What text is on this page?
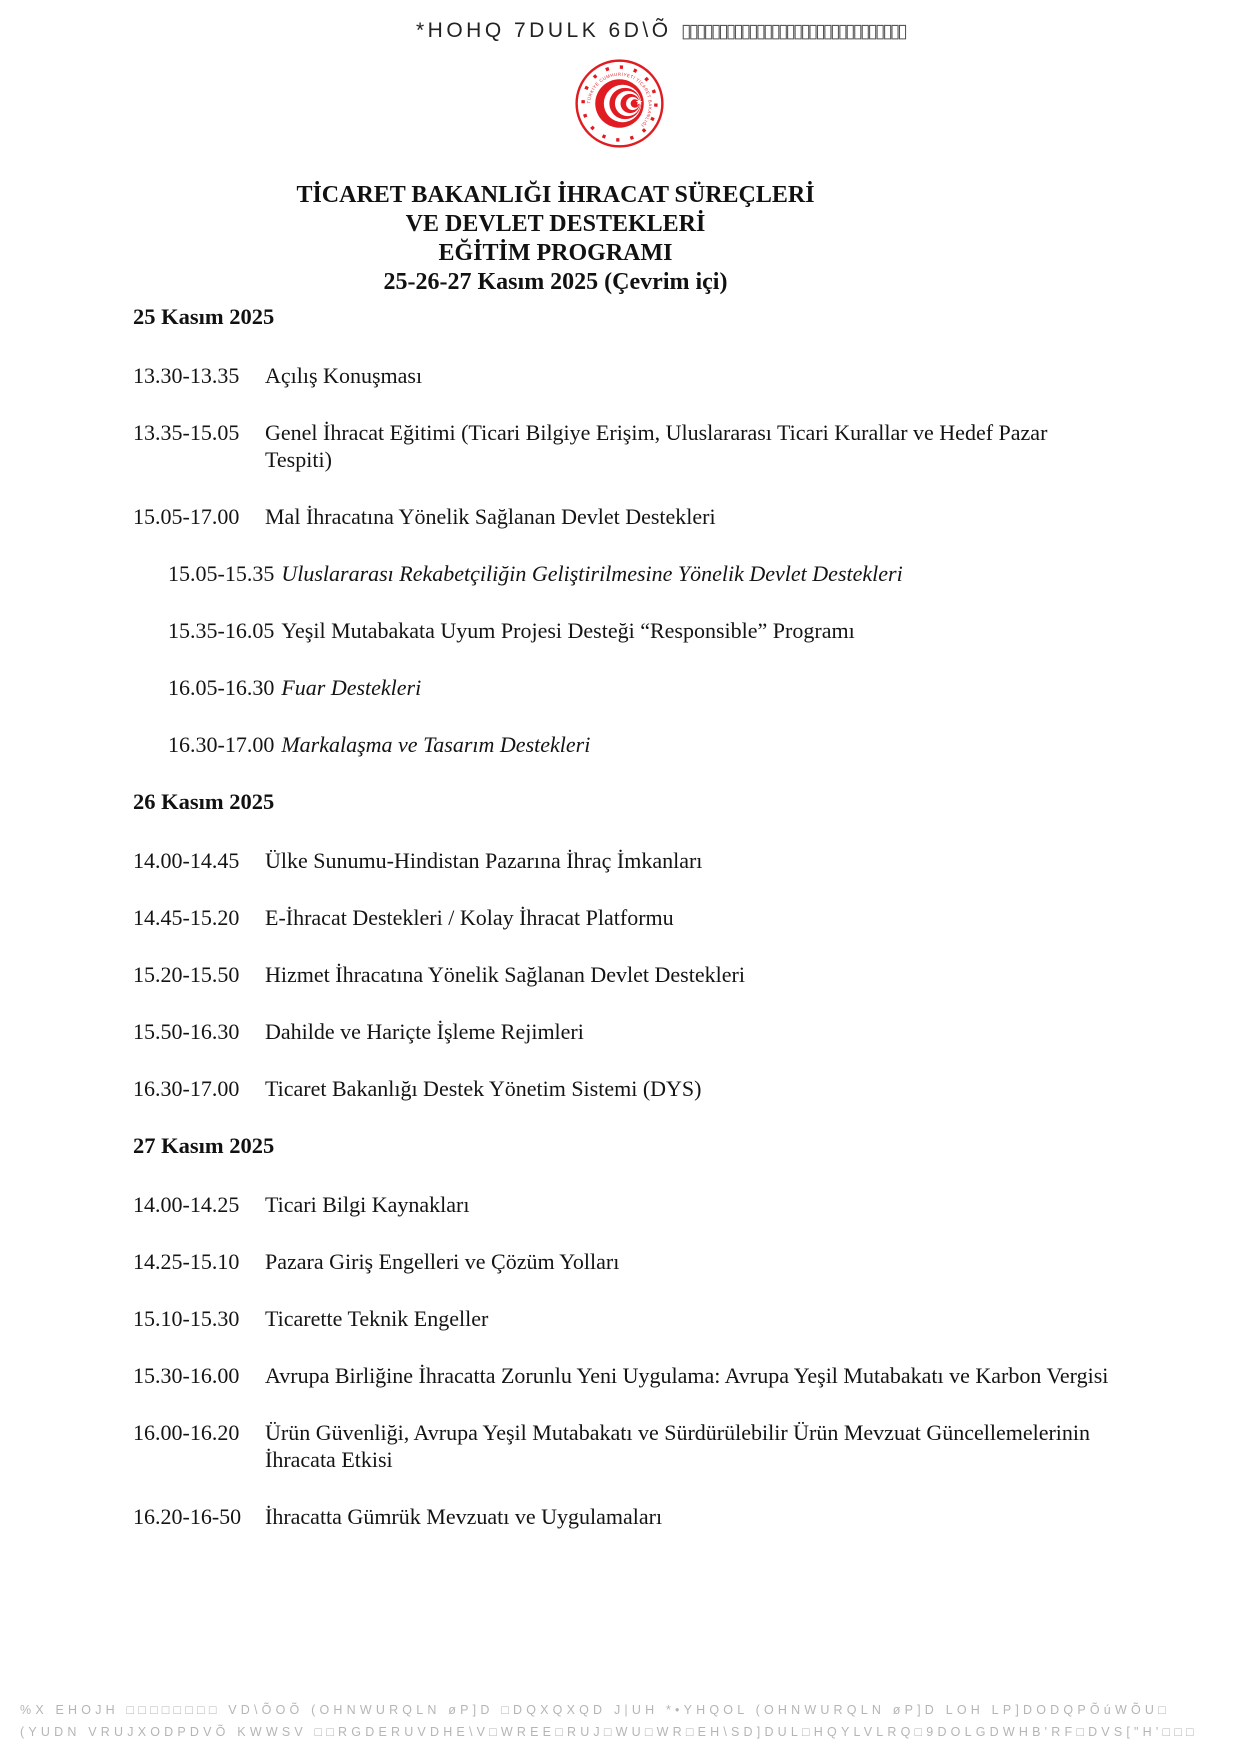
*HOHQ 7DULK 6D\Õ ▯▯▯▯▯▯▯▯▯▯▯▯▯▯▯▯▯▯▯▯▯▯▯▯▯▯▯▯▯▯
TÜRKİYE CUMHURİYETİ TİCARET BAKANLIĞI
TİCARET BAKANLIĞI İHRACAT SÜREÇLERİ
VE DEVLET DESTEKLERİ
EĞİTİM PROGRAMI
25-26-27 Kasım 2025 (Çevrim içi)
25 Kasım 2025
13.30-13.35	Açılış Konuşması
13.35-15.05	Genel İhracat Eğitimi (Ticari Bilgiye Erişim, Uluslararası Ticari Kurallar ve Hedef Pazar Tespiti)
15.05-17.00	Mal İhracatına Yönelik Sağlanan Devlet Destekleri
15.05-15.35 Uluslararası Rekabetçiliğin Geliştirilmesine Yönelik Devlet Destekleri
15.35-16.05 Yeşil Mutabakata Uyum Projesi Desteği “Responsible” Programı
16.05-16.30 Fuar Destekleri
16.30-17.00 Markalaşma ve Tasarım Destekleri
26 Kasım 2025
14.00-14.45	Ülke Sunumu-Hindistan Pazarına İhraç İmkanları
14.45-15.20	E-İhracat Destekleri / Kolay İhracat Platformu
15.20-15.50	Hizmet İhracatına Yönelik Sağlanan Devlet Destekleri
15.50-16.30	Dahilde ve Hariçte İşleme Rejimleri
16.30-17.00	Ticaret Bakanlığı Destek Yönetim Sistemi (DYS)
27 Kasım 2025
14.00-14.25	Ticari Bilgi Kaynakları
14.25-15.10	Pazara Giriş Engelleri ve Çözüm Yolları
15.10-15.30	Ticarette Teknik Engeller
15.30-16.00	Avrupa Birliğine İhracatta Zorunlu Yeni Uygulama: Avrupa Yeşil Mutabakatı ve Karbon Vergisi
16.00-16.20	Ürün Güvenliği, Avrupa Yeşil Mutabakatı ve Sürdürülebilir Ürün Mevzuat Güncellemelerinin İhracata Etkisi
16.20-16-50	İhracatta Gümrük Mevzuatı ve Uygulamaları
%X EHOJH □□□□□□□□ VD\ÕOÕ (OHNWURQLN øP]D □DQXQXQD J|UH *•YHQOL (OHNWURQLN øP]D LOH LP]DODQPÕúWÕU□
(YUDN VRUJXODPDVÕ KWWSV □□RGDERUVDHE\V□WREE□RUJ□WU□WR□EH\SD]DUL□HQYLVLRQ□9DOLGDWHB'RF□DVS["H'□□□
